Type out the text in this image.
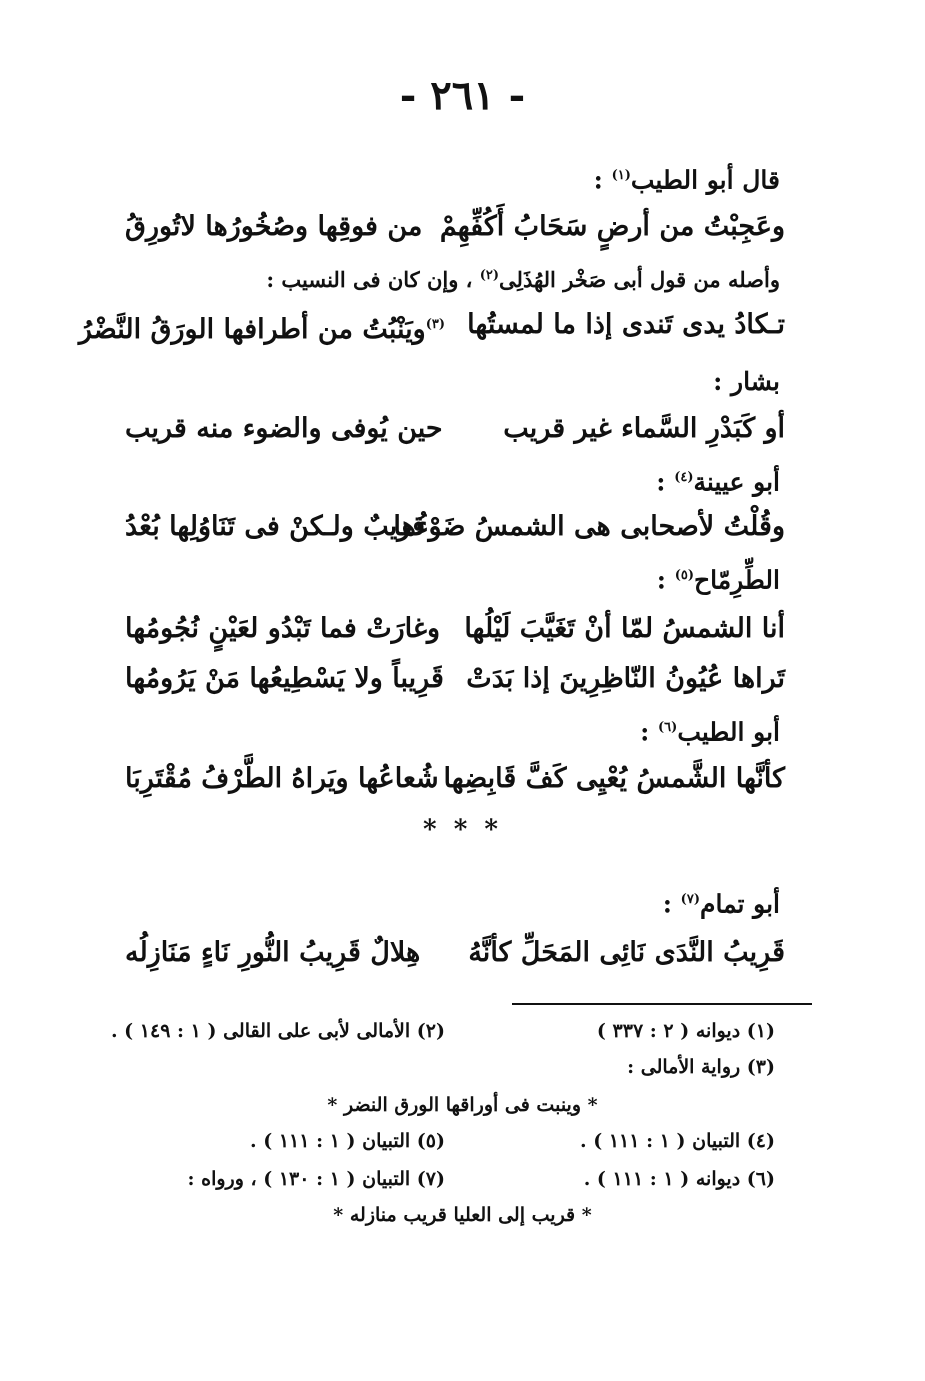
- ٢٦١ -
قال أبو الطيب$^{(١)}$ :
وعَجِبْتُ من أرضٍ سَحَابُ أَكُفِّهِمْ
من فوقِها وصُخُورُها لاتُورِقُ
وأصله من قول أبى صَخْر الهُذَلِى$^{(٢)}$ ، وإن كان فى النسيب :
تـكادُ يدى تَندى إذا ما لمستُها
$^{(٣)}$ويَنْبُتُ من أطرافها الورَقُ النَّضْرُ
بشار :
أو كَبَدْرِ السَّماء غير قريب
حين يُوفى والضوء منه قريب
أبو عيينة$^{(٤)}$ :
وقُلْتُ لأصحابى هى الشمسُ ضَوْءُها
قريبٌ ولـكنْ فى تَنَاوُلِها بُعْدُ
الطِّرِمّاح$^{(٥)}$ :
أنا الشمسُ لمّا أنْ تَغَيَّبَ لَيْلُها
وغارَتْ فما تَبْدُو لعَيْنٍ نُجُومُها
تَراها عُيُونُ النّاظِرِينَ إذا بَدَتْ
قَرِيباً ولا يَسْطِيعُها مَنْ يَرُومُها
أبو الطيب$^{(٦)}$ :
كأنَّها الشَّمسُ يُعْيِى كَفَّ قَابِضِها
شُعاعُها ويَراهُ الطَّرْفُ مُقْتَرِبَا
* * *
أبو تمام$^{(٧)}$ :
قَرِيبُ النَّدَى نَائِى المَحَلِّ كأنَّهُ
هِلالٌ قَرِيبُ النُّورِ نَاءٍ مَنَازِلُه
(١) ديوانه ( ٢ : ٣٣٧ )(٢) الأمالى لأبى على القالى ( ١ : ١٤٩ ) .
(٣) رواية الأمالى :
* وينبت فى أوراقها الورق النضر *
(٤) التبيان ( ١ : ١١١ ) .(٥) التبيان ( ١ : ١١١ ) .
(٦) ديوانه ( ١ : ١١١ ) .(٧) التبيان ( ١ : ١٣٠ ) ، ورواه :
* قريب إلى العليا قريب منازله *
